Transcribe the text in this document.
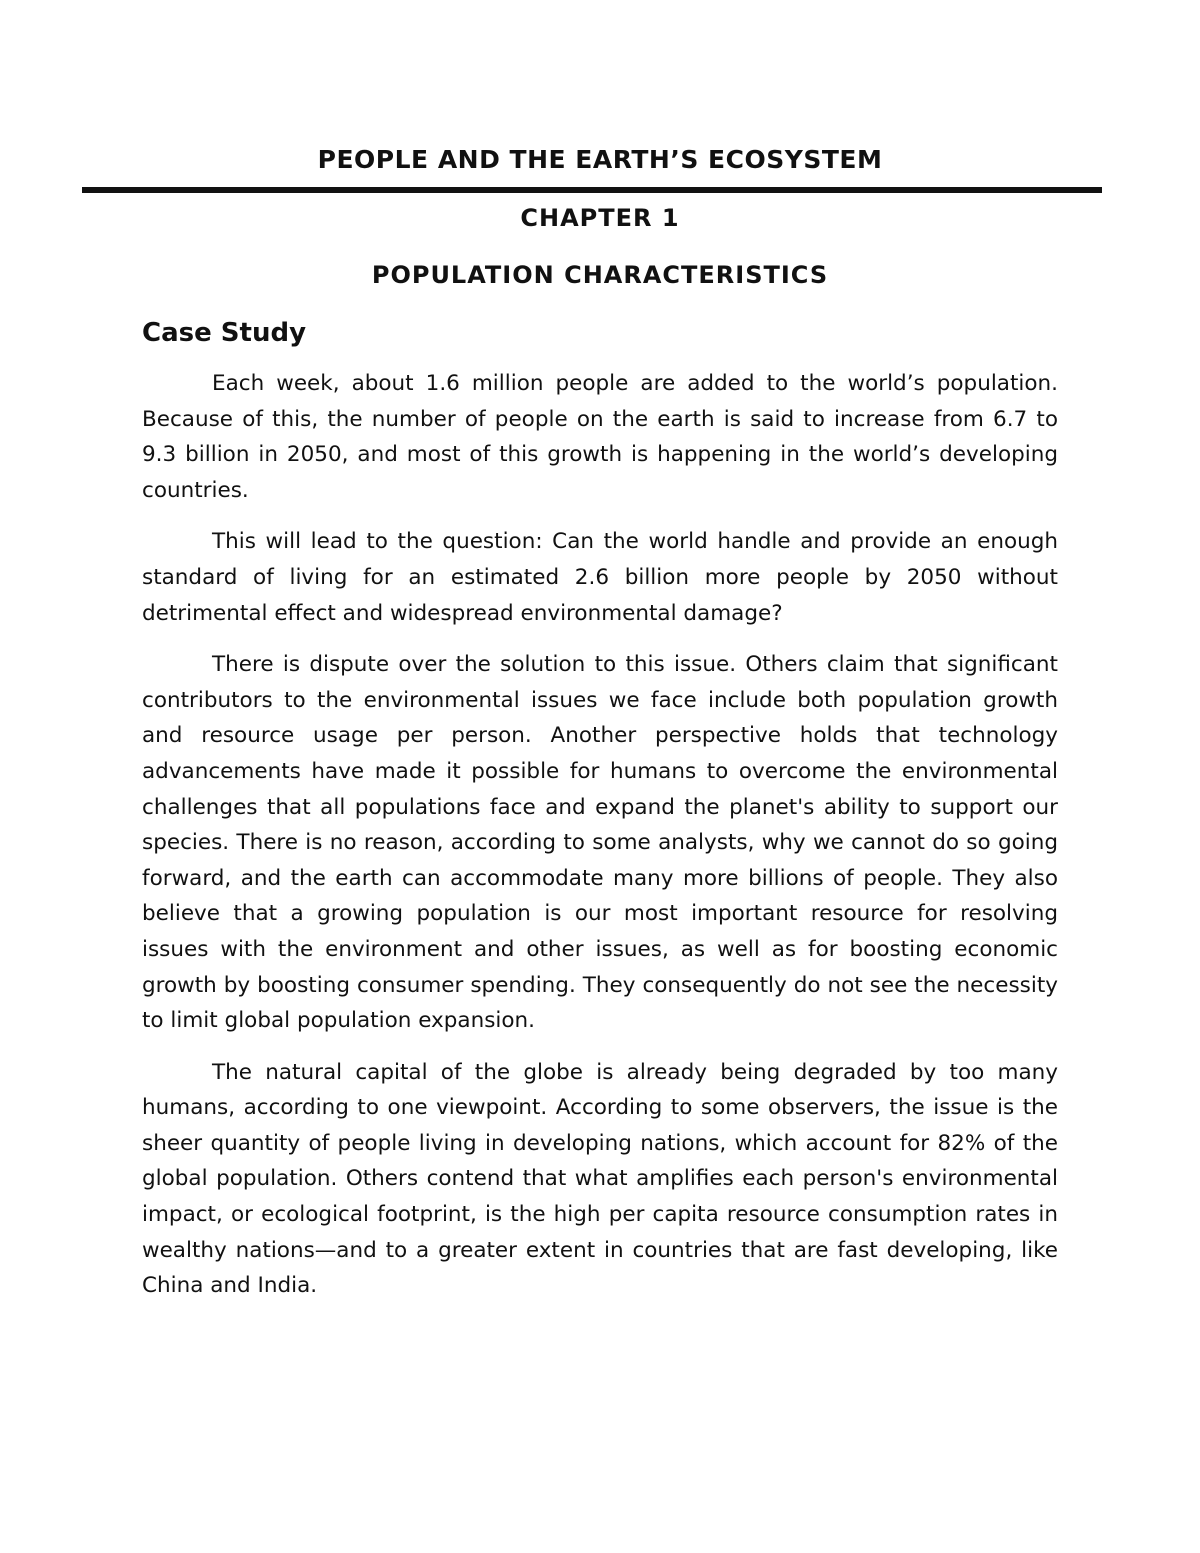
PEOPLE AND THE EARTH’S ECOSYSTEM
CHAPTER 1
POPULATION CHARACTERISTICS
Case Study

Each week, about 1.6 million people are added to the world’s population. Because of this, the number of people on the earth is said to increase from 6.7 to 9.3 billion in 2050, and most of this growth is happening in the world’s developing countries.

This will lead to the question: Can the world handle and provide an enough standard of living for an estimated 2.6 billion more people by 2050 without detrimental effect and widespread environmental damage?

There is dispute over the solution to this issue. Others claim that significant contributors to the environmental issues we face include both population growth and resource usage per person. Another perspective holds that technology advancements have made it possible for humans to overcome the environmental challenges that all populations face and expand the planet's ability to support our species. There is no reason, according to some analysts, why we cannot do so going forward, and the earth can accommodate many more billions of people. They also believe that a growing population is our most important resource for resolving issues with the environment and other issues, as well as for boosting economic growth by boosting consumer spending. They consequently do not see the necessity to limit global population expansion.

The natural capital of the globe is already being degraded by too many humans, according to one viewpoint. According to some observers, the issue is the sheer quantity of people living in developing nations, which account for 82% of the global population. Others contend that what amplifies each person's environmental impact, or ecological footprint, is the high per capita resource consumption rates in wealthy nations—and to a greater extent in countries that are fast developing, like China and India.
